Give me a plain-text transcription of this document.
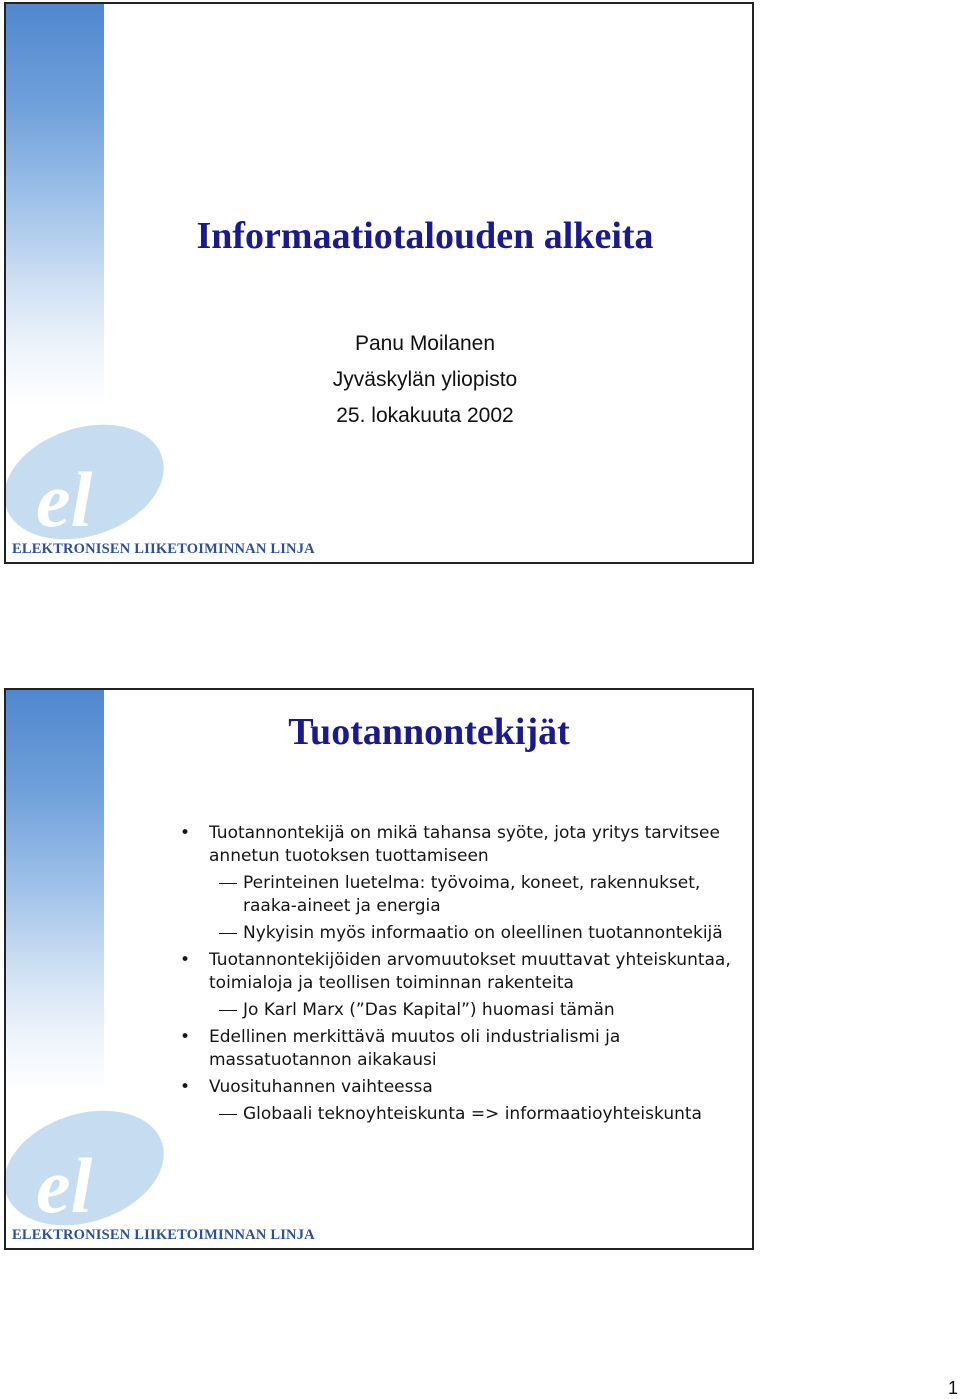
Informaatiotalouden alkeita
Panu Moilanen
Jyväskylän yliopisto
25. lokakuuta 2002
el
ELEKTRONISEN LIIKETOIMINNAN LINJA
Tuotannontekijät
• Tuotannontekijä on mikä tahansa syöte, jota yritys tarvitsee annetun tuotoksen tuottamiseen
Perinteinen luetelma: työvoima, koneet, rakennukset, raaka-aineet ja energia
Nykyisin myös informaatio on oleellinen tuotannontekijä
• Tuotannontekijöiden arvomuutokset muuttavat yhteiskuntaa, toimialoja ja teollisen toiminnan rakenteita
Jo Karl Marx (”Das Kapital”) huomasi tämän
• Edellinen merkittävä muutos oli industrialismi ja massatuotannon aikakausi
• Vuosituhannen vaihteessa
Globaali teknoyhteiskunta => informaatioyhteiskunta
el
ELEKTRONISEN LIIKETOIMINNAN LINJA
1
